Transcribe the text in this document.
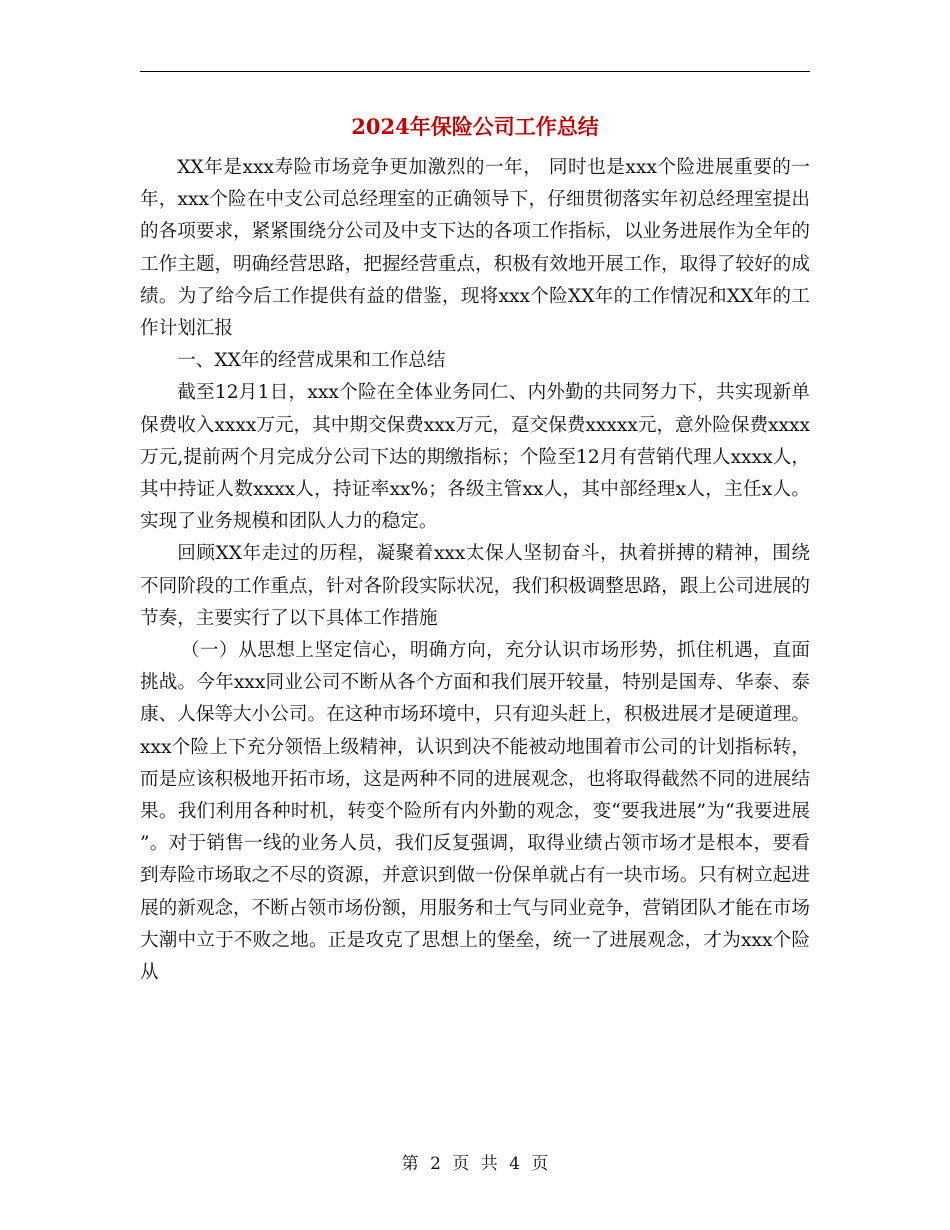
2024年保险公司工作总结

XX年是xxx寿险市场竞争更加激烈的一年， 同时也是xxx个险进展重要的一年，xxx个险在中支公司总经理室的正确领导下，仔细贯彻落实年初总经理室提出的各项要求，紧紧围绕分公司及中支下达的各项工作指标，以业务进展作为全年的工作主题，明确经营思路，把握经营重点，积极有效地开展工作，取得了较好的成绩。为了给今后工作提供有益的借鉴，现将xxx个险XX年的工作情况和XX年的工作计划汇报

一、XX年的经营成果和工作总结

截至12月1日，xxx个险在全体业务同仁、内外勤的共同努力下，共实现新单保费收入xxxx万元，其中期交保费xxx万元，趸交保费xxxxx元，意外险保费xxxx万元,提前两个月完成分公司下达的期缴指标；个险至12月有营销代理人xxxx人，其中持证人数xxxx人，持证率xx%；各级主管xx人，其中部经理x人，主任x人。实现了业务规模和团队人力的稳定。

回顾XX年走过的历程，凝聚着xxx太保人坚韧奋斗，执着拼搏的精神，围绕不同阶段的工作重点，针对各阶段实际状况，我们积极调整思路，跟上公司进展的节奏，主要实行了以下具体工作措施

（一）从思想上坚定信心，明确方向，充分认识市场形势，抓住机遇，直面挑战。今年xxx同业公司不断从各个方面和我们展开较量，特别是国寿、华泰、泰康、人保等大小公司。在这种市场环境中，只有迎头赶上，积极进展才是硬道理。xxx个险上下充分领悟上级精神，认识到决不能被动地围着市公司的计划指标转，而是应该积极地开拓市场，这是两种不同的进展观念，也将取得截然不同的进展结果。我们利用各种时机，转变个险所有内外勤的观念，变“要我进展”为“我要进展”。对于销售一线的业务人员，我们反复强调，取得业绩占领市场才是根本，要看到寿险市场取之不尽的资源，并意识到做一份保单就占有一块市场。只有树立起进展的新观念，不断占领市场份额，用服务和士气与同业竞争，营销团队才能在市场大潮中立于不败之地。正是攻克了思想上的堡垒，统一了进展观念，才为xxx个险从

第 2 页 共 4 页
